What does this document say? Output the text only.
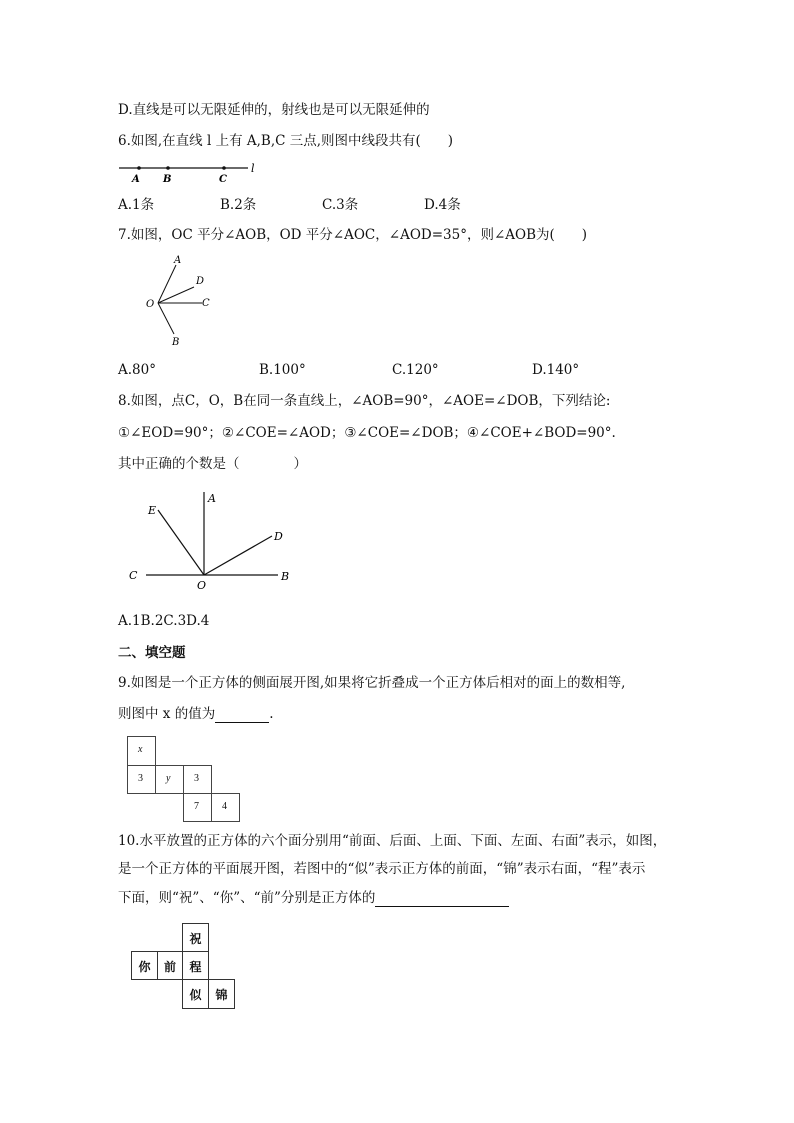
D.直线是可以无限延伸的，射线也是可以无限延伸的
6.如图,在直线 l 上有 A,B,C 三点,则图中线段共有(　　)
A B	C
l
A.1条	B.2条	C.3条	D.4条
7.如图，OC 平分∠AOB，OD 平分∠AOC，∠AOD=35°，则∠AOB为(　　)
A
D
C
O
B
A.80°	B.100°	C.120°	D.140°
8.如图，点C，O，B在同一条直线上，∠AOB=90°，∠AOE=∠DOB，下列结论:
①∠EOD=90°；②∠COE=∠AOD；③∠COE=∠DOB；④∠COE+∠BOD=90°.
其中正确的个数是（　　　　）
A
E
D
C
O
B
A.1B.2C.3D.4
二、填空题
9.如图是一个正方体的侧面展开图,如果将它折叠成一个正方体后相对的面上的数相等,
则图中 x 的值为	.
x
3 y 3
7 4
10.水平放置的正方体的六个面分别用“前面、后面、上面、下面、左面、右面”表示，如图，
是一个正方体的平面展开图，若图中的“似”表示正方体的前面，“锦”表示右面，“程”表示
下面，则“祝”、“你”、“前”分别是正方体的
祝
你	前	程
似	锦
